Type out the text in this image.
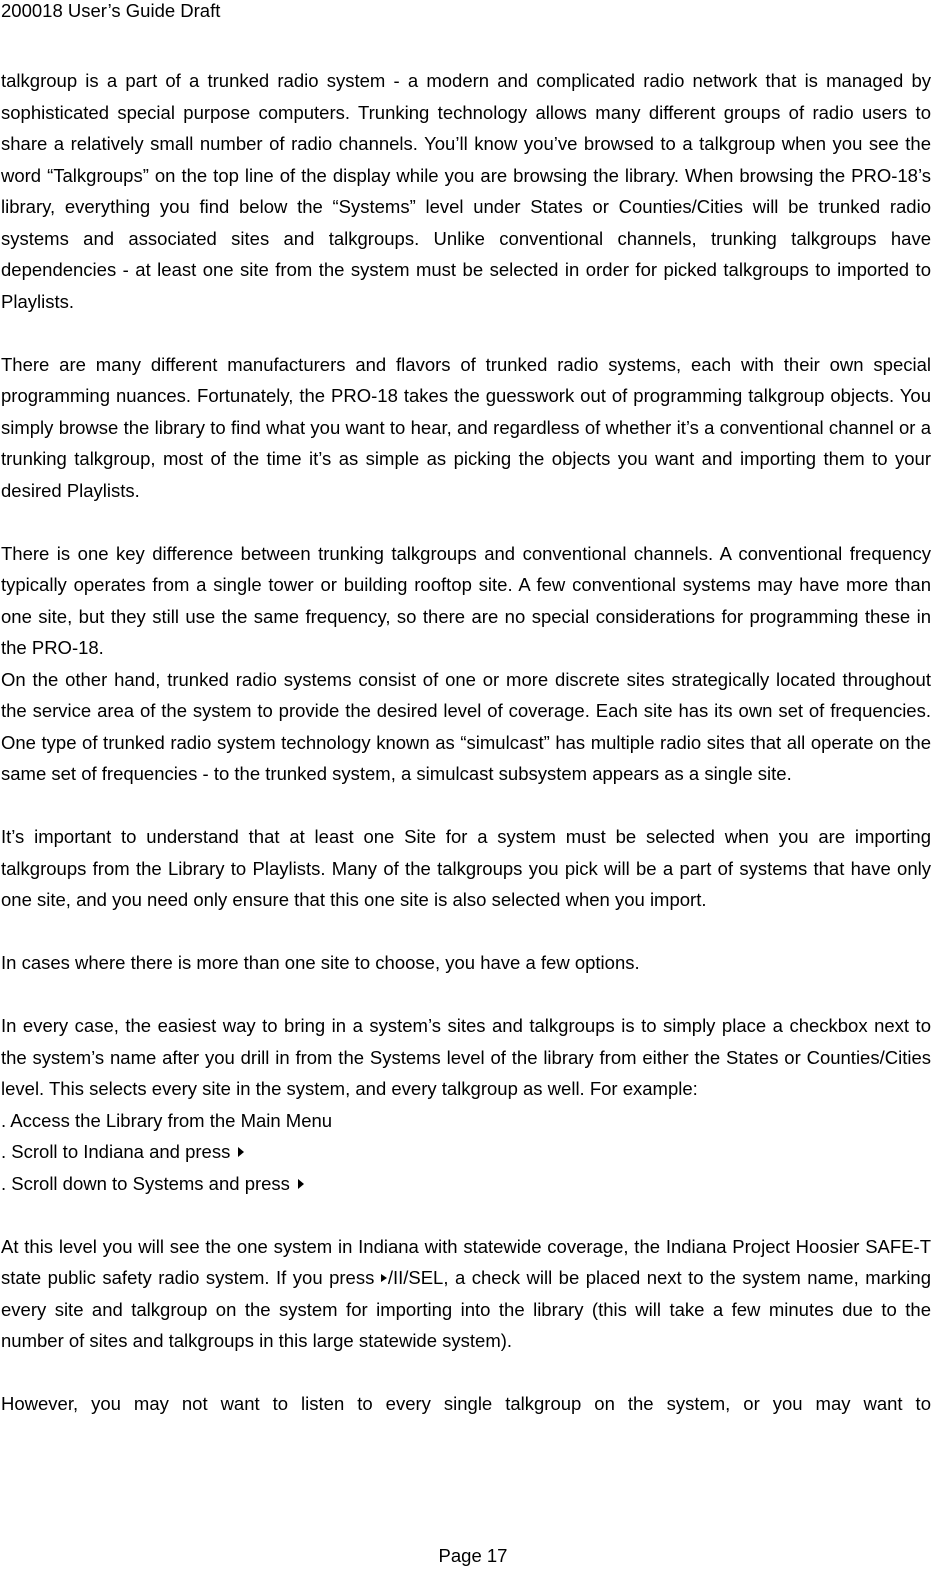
200018 User’s Guide Draft

talkgroup is a part of a trunked radio system - a modern and complicated radio network that is managed by sophisticated special purpose computers. Trunking technology allows many different groups of radio users to share a relatively small number of radio channels. You’ll know you’ve browsed to a talkgroup when you see the word “Talkgroups” on the top line of the display while you are browsing the library. When browsing the PRO-18’s library, everything you find below the “Systems” level under States or Counties/Cities will be trunked radio systems and associated sites and talkgroups. Unlike conventional channels, trunking talkgroups have dependencies - at least one site from the system must be selected in order for picked talkgroups to imported to Playlists.

There are many different manufacturers and flavors of trunked radio systems, each with their own special programming nuances. Fortunately, the PRO-18 takes the guesswork out of programming talkgroup objects. You simply browse the library to find what you want to hear, and regardless of whether it’s a conventional channel or a trunking talkgroup, most of the time it’s as simple as picking the objects you want and importing them to your desired Playlists.

There is one key difference between trunking talkgroups and conventional channels. A conventional frequency typically operates from a single tower or building rooftop site. A few conventional systems may have more than one site, but they still use the same frequency, so there are no special considerations for programming these in the PRO-18.

On the other hand, trunked radio systems consist of one or more discrete sites strategically located throughout the service area of the system to provide the desired level of coverage. Each site has its own set of frequencies. One type of trunked radio system technology known as “simulcast” has multiple radio sites that all operate on the same set of frequencies - to the trunked system, a simulcast subsystem appears as a single site.

It’s important to understand that at least one Site for a system must be selected when you are importing talkgroups from the Library to Playlists. Many of the talkgroups you pick will be a part of systems that have only one site, and you need only ensure that this one site is also selected when you import.

In cases where there is more than one site to choose, you have a few options.

In every case, the easiest way to bring in a system’s sites and talkgroups is to simply place a checkbox next to the system’s name after you drill in from the Systems level of the library from either the States or Counties/Cities level. This selects every site in the system, and every talkgroup as well. For example:

. Access the Library from the Main Menu
. Scroll to Indiana and press
. Scroll down to Systems and press

At this level you will see the one system in Indiana with statewide coverage, the Indiana Project Hoosier SAFE-T state public safety radio system. If you press /II/SEL, a check will be placed next to the system name, marking every site and talkgroup on the system for importing into the library (this will take a few minutes due to the number of sites and talkgroups in this large statewide system).

However, you may not want to listen to every single talkgroup on the system, or you may want to

Page 17
